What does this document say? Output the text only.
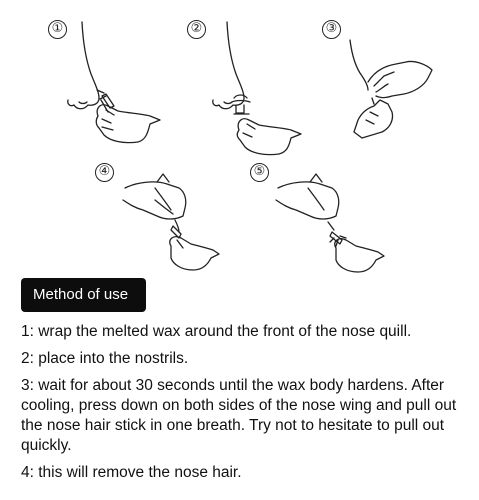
①	②	③
④	⑤
Method of use

1: wrap the melted wax around the front of the nose quill.

2: place into the nostrils.

3: wait for about 30 seconds until the wax body hardens. After cooling, press down on both sides of the nose wing and pull out the nose hair stick in one breath. Try not to hesitate to pull out quickly.

4: this will remove the nose hair.
